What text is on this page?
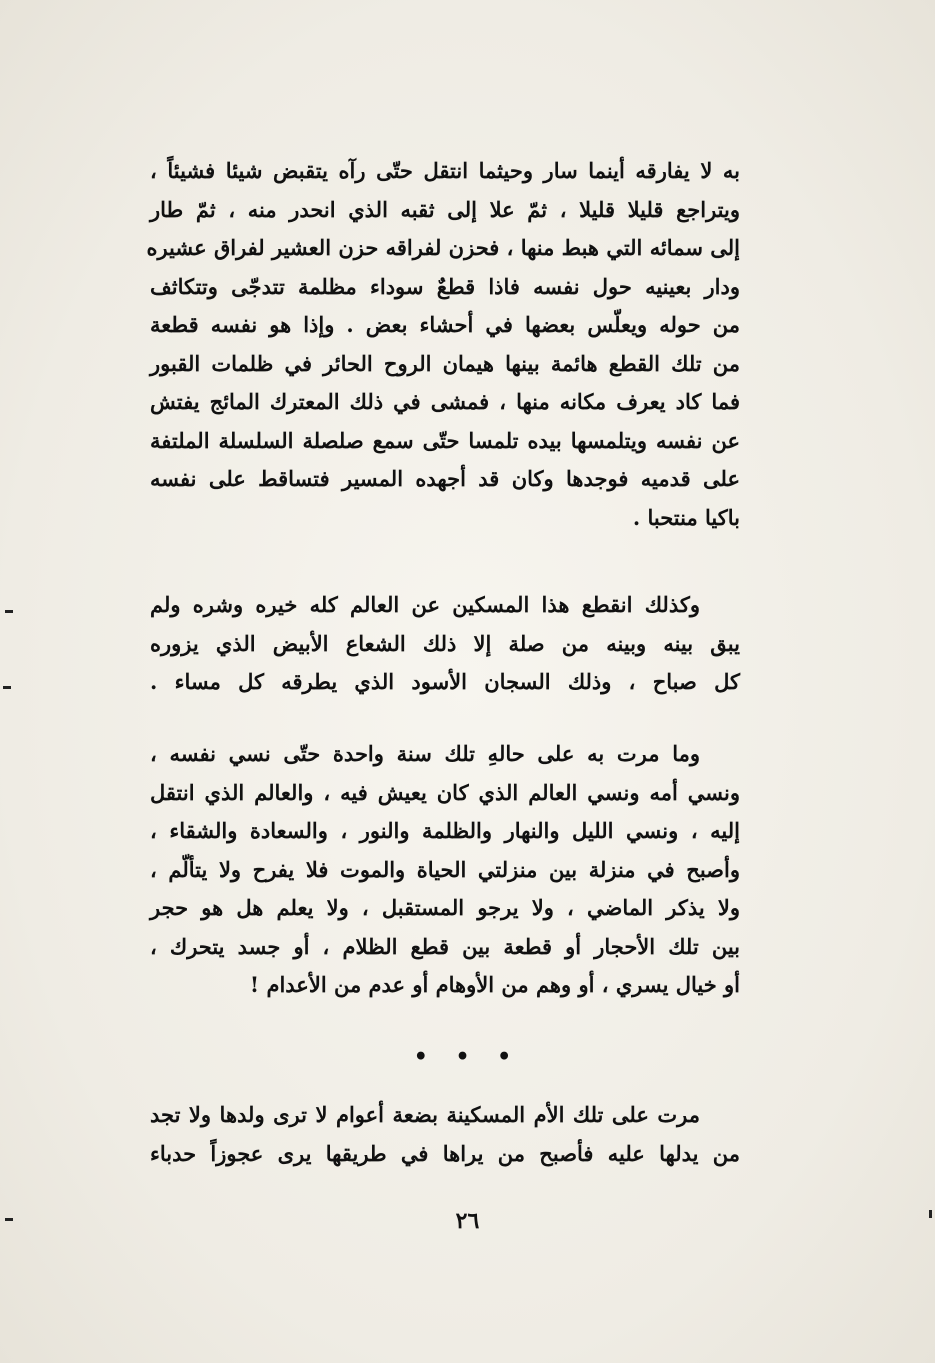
به لا يفارقه أينما سار وحيثما انتقل حتّى رآه يتقبض شيئا فشيئاً ،
ويتراجع قليلا قليلا ، ثمّ علا إلى ثقبه الذي انحدر منه ، ثمّ طار
إلى سمائه التي هبط منها ، فحزن لفراقه حزن العشير لفراق عشيره
ودار بعينيه حول نفسه فاذا قطعٌ سوداء مظلمة تتدجّى وتتكاثف
من حوله ويعلّس بعضها في أحشاء بعض . وإذا هو نفسه قطعة
من تلك القطع هائمة بينها هيمان الروح الحائر في ظلمات القبور
فما كاد يعرف مكانه منها ، فمشى في ذلك المعترك المائج يفتش
عن نفسه ويتلمسها بيده تلمسا حتّى سمع صلصلة السلسلة الملتفة
على قدميه فوجدها وكان قد أجهده المسير فتساقط على نفسه
باكيا منتحبا .
وكذلك انقطع هذا المسكين عن العالم كله خيره وشره ولم
يبق بينه وبينه من صلة إلا ذلك الشعاع الأبيض الذي يزوره
كل صباح ، وذلك السجان الأسود الذي يطرقه كل مساء .
وما مرت به على حالهِ تلك سنة واحدة حتّى نسي نفسه ،
ونسي أمه ونسي العالم الذي كان يعيش فيه ، والعالم الذي انتقل
إليه ، ونسي الليل والنهار والظلمة والنور ، والسعادة والشقاء ،
وأصبح في منزلة بين منزلتي الحياة والموت فلا يفرح ولا يتألّم ،
ولا يذكر الماضي ، ولا يرجو المستقبل ، ولا يعلم هل هو حجر
بين تلك الأحجار أو قطعة بين قطع الظلام ، أو جسد يتحرك ،
أو خيال يسري ، أو وهم من الأوهام أو عدم من الأعدام !
• • •
مرت على تلك الأم المسكينة بضعة أعوام لا ترى ولدها ولا تجد
من يدلها عليه فأصبح من يراها في طريقها يرى عجوزاً حدباء
٢٦
